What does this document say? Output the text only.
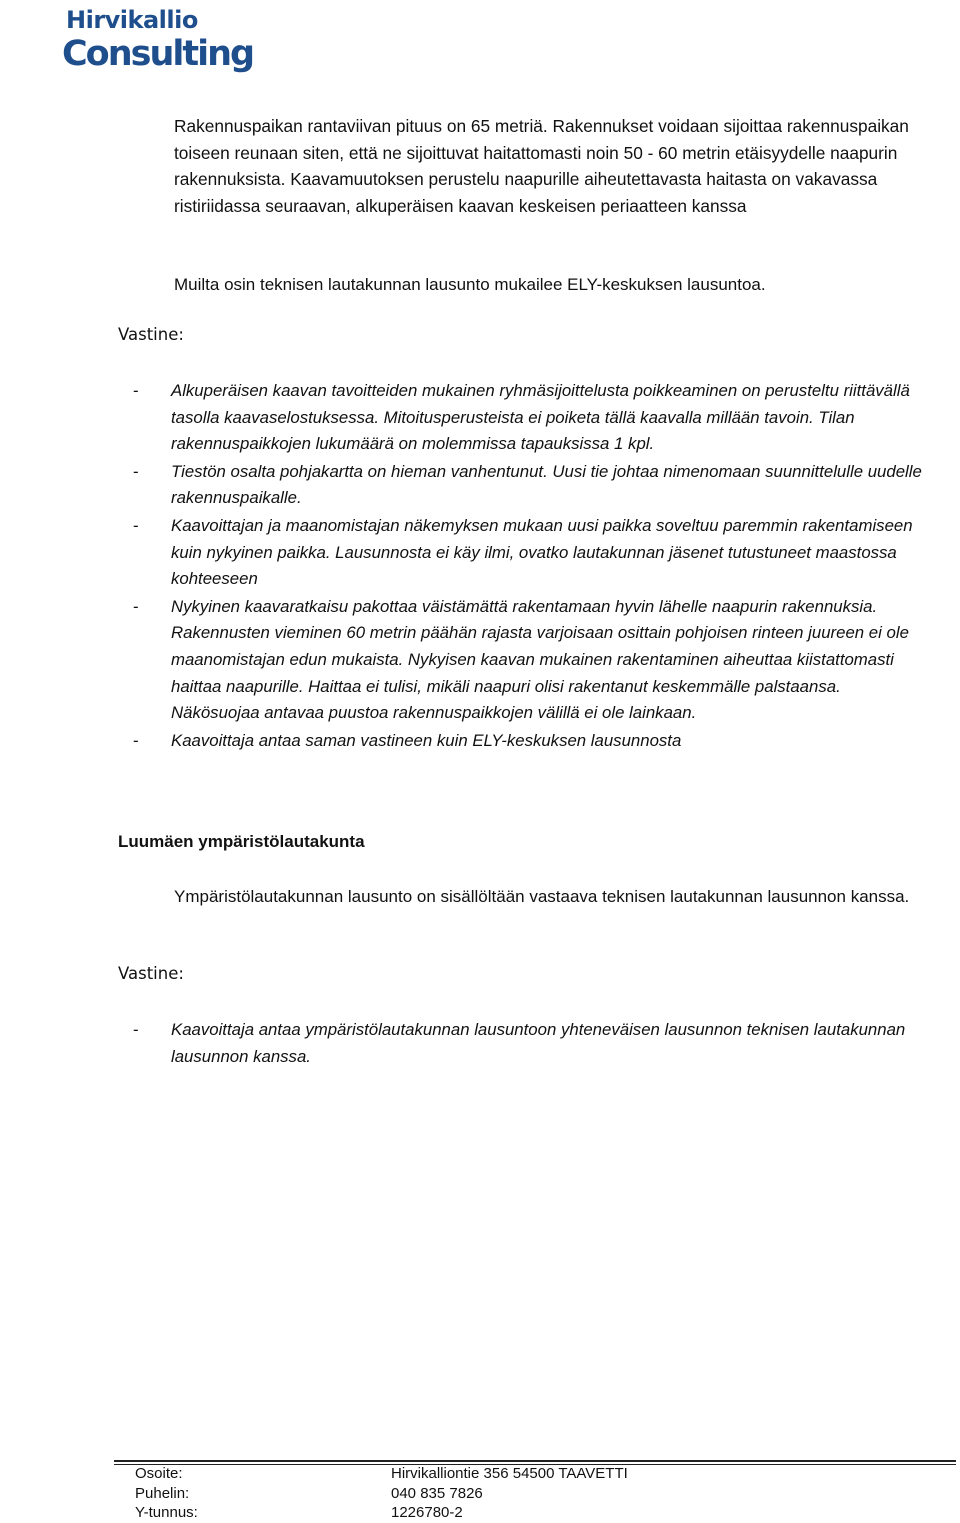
Hirvikallio
Consulting
Rakennuspaikan rantaviivan pituus on 65 metriä. Rakennukset voidaan sijoittaa rakennuspaikan toiseen reunaan siten, että ne sijoittuvat haitattomasti noin 50 - 60 metrin etäisyydelle naapurin rakennuksista. Kaavamuutoksen perustelu naapurille aiheutettavasta haitasta on vakavassa ristiriidassa seuraavan, alkuperäisen kaavan keskeisen periaatteen kanssa
Muilta osin teknisen lautakunnan lausunto mukailee ELY-keskuksen lausuntoa.
Vastine:
-	Alkuperäisen kaavan tavoitteiden mukainen ryhmäsijoittelusta poikkeaminen on perusteltu riittävällä tasolla kaavaselostuksessa. Mitoitusperusteista ei poiketa tällä kaavalla millään tavoin. Tilan rakennuspaikkojen lukumäärä on molemmissa tapauksissa 1 kpl.
-	Tiestön osalta pohjakartta on hieman vanhentunut. Uusi tie johtaa nimenomaan suunnittelulle uudelle rakennuspaikalle.
-	Kaavoittajan ja maanomistajan näkemyksen mukaan uusi paikka soveltuu paremmin rakentamiseen kuin nykyinen paikka. Lausunnosta ei käy ilmi, ovatko lautakunnan jäsenet tutustuneet maastossa kohteeseen
-	Nykyinen kaavaratkaisu pakottaa väistämättä rakentamaan hyvin lähelle naapurin rakennuksia. Rakennusten vieminen 60 metrin päähän rajasta varjoisaan osittain pohjoisen rinteen juureen ei ole maanomistajan edun mukaista. Nykyisen kaavan mukainen rakentaminen aiheuttaa kiistattomasti haittaa naapurille. Haittaa ei tulisi, mikäli naapuri olisi rakentanut keskemmälle palstaansa. Näkösuojaa antavaa puustoa rakennuspaikkojen välillä ei ole lainkaan.
-	Kaavoittaja antaa saman vastineen kuin ELY-keskuksen lausunnosta
Luumäen ympäristölautakunta
Ympäristölautakunnan lausunto on sisällöltään vastaava teknisen lautakunnan lausunnon kanssa.
Vastine:
-	Kaavoittaja antaa ympäristölautakunnan lausuntoon yhteneväisen lausunnon teknisen lautakunnan lausunnon kanssa.
Osoite:	Hirvikalliontie 356 54500 TAAVETTI
Puhelin:	040 835 7826
Y-tunnus:	1226780-2
